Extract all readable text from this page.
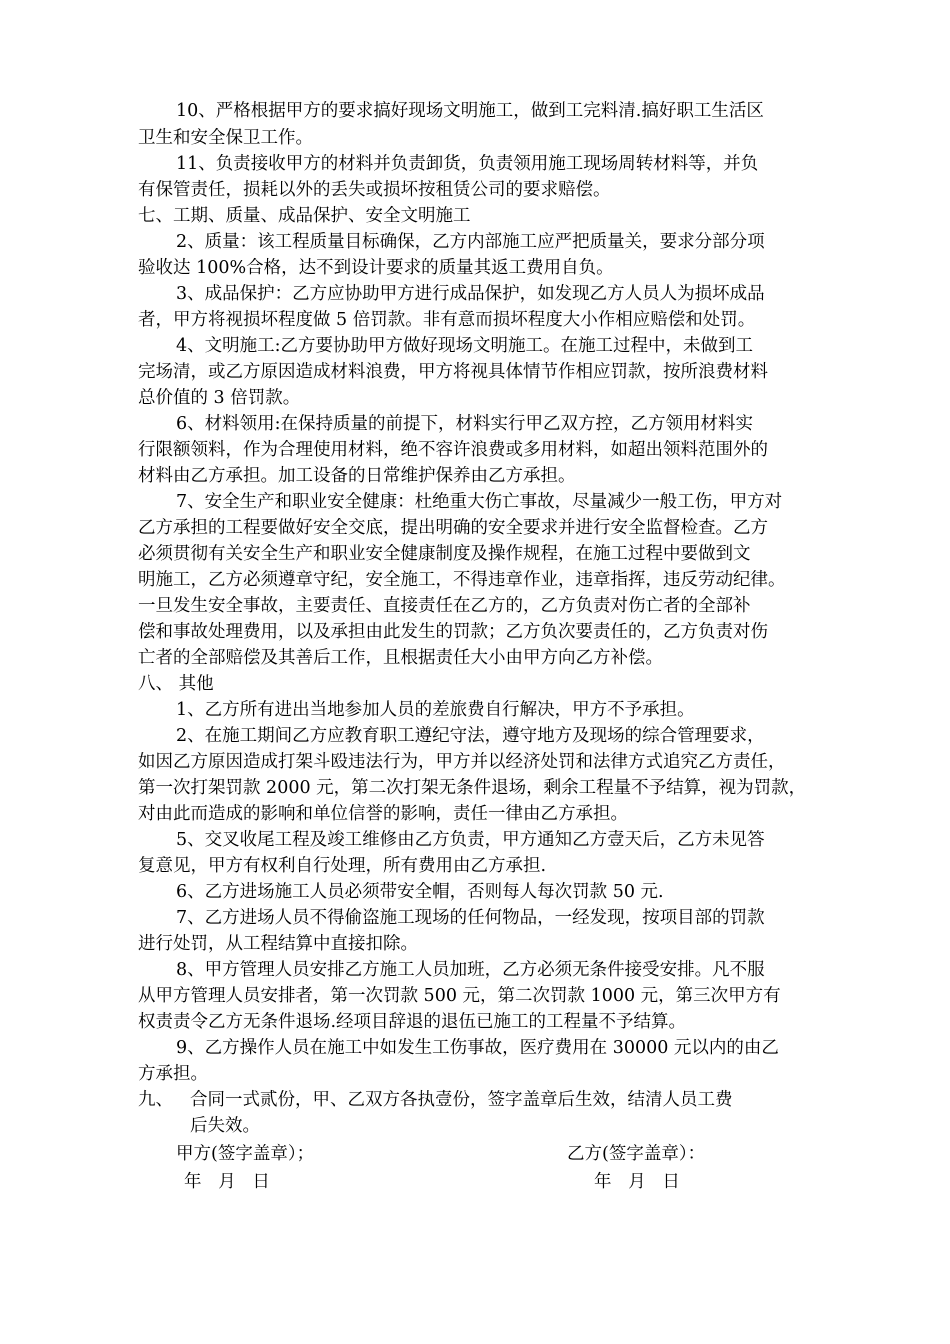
10、严格根据甲方的要求搞好现场文明施工，做到工完料清.搞好职工生活区
卫生和安全保卫工作。
11、负责接收甲方的材料并负责卸货，负责领用施工现场周转材料等，并负
有保管责任，损耗以外的丢失或损坏按租赁公司的要求赔偿。
七、工期、质量、成品保护、安全文明施工
2、质量：该工程质量目标确保，乙方内部施工应严把质量关，要求分部分项
验收达 100%合格，达不到设计要求的质量其返工费用自负。
3、成品保护：乙方应协助甲方进行成品保护，如发现乙方人员人为损坏成品
者，甲方将视损坏程度做 5 倍罚款。非有意而损坏程度大小作相应赔偿和处罚。
4、文明施工:乙方要协助甲方做好现场文明施工。在施工过程中，未做到工
完场清，或乙方原因造成材料浪费，甲方将视具体情节作相应罚款，按所浪费材料
总价值的 3 倍罚款。
6、材料领用:在保持质量的前提下，材料实行甲乙双方控，乙方领用材料实
行限额领料，作为合理使用材料，绝不容许浪费或多用材料，如超出领料范围外的
材料由乙方承担。加工设备的日常维护保养由乙方承担。
7、安全生产和职业安全健康：杜绝重大伤亡事故，尽量减少一般工伤，甲方对
乙方承担的工程要做好安全交底，提出明确的安全要求并进行安全监督检查。乙方
必须贯彻有关安全生产和职业安全健康制度及操作规程，在施工过程中要做到文
明施工，乙方必须遵章守纪，安全施工，不得违章作业，违章指挥，违反劳动纪律。
一旦发生安全事故，主要责任、直接责任在乙方的，乙方负责对伤亡者的全部补
偿和事故处理费用，以及承担由此发生的罚款；乙方负次要责任的，乙方负责对伤
亡者的全部赔偿及其善后工作，且根据责任大小由甲方向乙方补偿。
八、 其他
1、乙方所有进出当地参加人员的差旅费自行解决，甲方不予承担。
2、在施工期间乙方应教育职工遵纪守法，遵守地方及现场的综合管理要求，
如因乙方原因造成打架斗殴违法行为，甲方并以经济处罚和法律方式追究乙方责任，
第一次打架罚款 2000 元，第二次打架无条件退场，剩余工程量不予结算，视为罚款，
对由此而造成的影响和单位信誉的影响，责任一律由乙方承担。
5、交叉收尾工程及竣工维修由乙方负责，甲方通知乙方壹天后，乙方未见答
复意见，甲方有权利自行处理，所有费用由乙方承担.
6、乙方进场施工人员必须带安全帽，否则每人每次罚款 50 元.
7、乙方进场人员不得偷盗施工现场的任何物品，一经发现，按项目部的罚款
进行处罚，从工程结算中直接扣除。
8、甲方管理人员安排乙方施工人员加班，乙方必须无条件接受安排。凡不服
从甲方管理人员安排者，第一次罚款 500 元，第二次罚款 1000 元，第三次甲方有
权责责令乙方无条件退场.经项目辞退的退伍已施工的工程量不予结算。
9、乙方操作人员在施工中如发生工伤事故，医疗费用在 30000 元以内的由乙
方承担。
九、 合同一式贰份，甲、乙双方各执壹份，签字盖章后生效，结清人员工费
后失效。
甲方(签字盖章）；	乙方(签字盖章）：
年   月   日	年   月   日
